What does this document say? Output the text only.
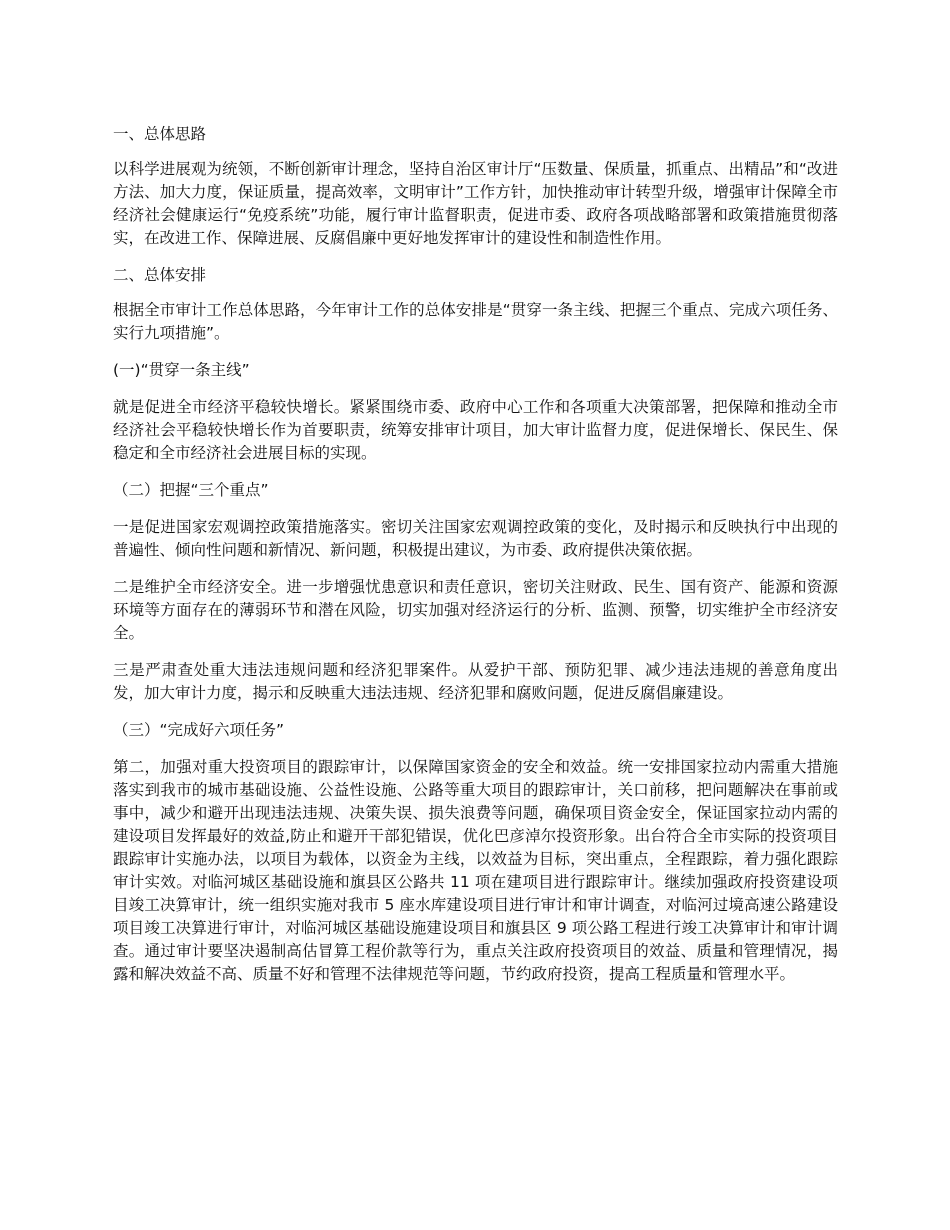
一、总体思路
以科学进展观为统领，不断创新审计理念，坚持自治区审计厅“压数量、保质量，抓重点、出精品”和“改进方法、加大力度，保证质量，提高效率，文明审计”工作方针，加快推动审计转型升级，增强审计保障全市经济社会健康运行“免疫系统”功能，履行审计监督职责，促进市委、政府各项战略部署和政策措施贯彻落实，在改进工作、保障进展、反腐倡廉中更好地发挥审计的建设性和制造性作用。
二、总体安排
根据全市审计工作总体思路，今年审计工作的总体安排是“贯穿一条主线、把握三个重点、完成六项任务、实行九项措施”。
(一)“贯穿一条主线”
就是促进全市经济平稳较快增长。紧紧围绕市委、政府中心工作和各项重大决策部署，把保障和推动全市经济社会平稳较快增长作为首要职责，统筹安排审计项目，加大审计监督力度，促进保增长、保民生、保稳定和全市经济社会进展目标的实现。
（二）把握“三个重点”
一是促进国家宏观调控政策措施落实。密切关注国家宏观调控政策的变化，及时揭示和反映执行中出现的普遍性、倾向性问题和新情况、新问题，积极提出建议，为市委、政府提供决策依据。
二是维护全市经济安全。进一步增强忧患意识和责任意识，密切关注财政、民生、国有资产、能源和资源环境等方面存在的薄弱环节和潜在风险，切实加强对经济运行的分析、监测、预警，切实维护全市经济安全。
三是严肃查处重大违法违规问题和经济犯罪案件。从爱护干部、预防犯罪、减少违法违规的善意角度出发，加大审计力度，揭示和反映重大违法违规、经济犯罪和腐败问题，促进反腐倡廉建设。
（三）“完成好六项任务”
第二，加强对重大投资项目的跟踪审计，以保障国家资金的安全和效益。统一安排国家拉动内需重大措施落实到我市的城市基础设施、公益性设施、公路等重大项目的跟踪审计，关口前移，把问题解决在事前或事中，减少和避开出现违法违规、决策失误、损失浪费等问题，确保项目资金安全，保证国家拉动内需的建设项目发挥最好的效益,防止和避开干部犯错误，优化巴彦淖尔投资形象。出台符合全市实际的投资项目跟踪审计实施办法，以项目为载体，以资金为主线，以效益为目标，突出重点，全程跟踪，着力强化跟踪审计实效。对临河城区基础设施和旗县区公路共 11 项在建项目进行跟踪审计。继续加强政府投资建设项目竣工决算审计，统一组织实施对我市 5 座水库建设项目进行审计和审计调查，对临河过境高速公路建设项目竣工决算进行审计，对临河城区基础设施建设项目和旗县区 9 项公路工程进行竣工决算审计和审计调查。通过审计要坚决遏制高估冒算工程价款等行为，重点关注政府投资项目的效益、质量和管理情况，揭露和解决效益不高、质量不好和管理不法律规范等问题，节约政府投资，提高工程质量和管理水平。
